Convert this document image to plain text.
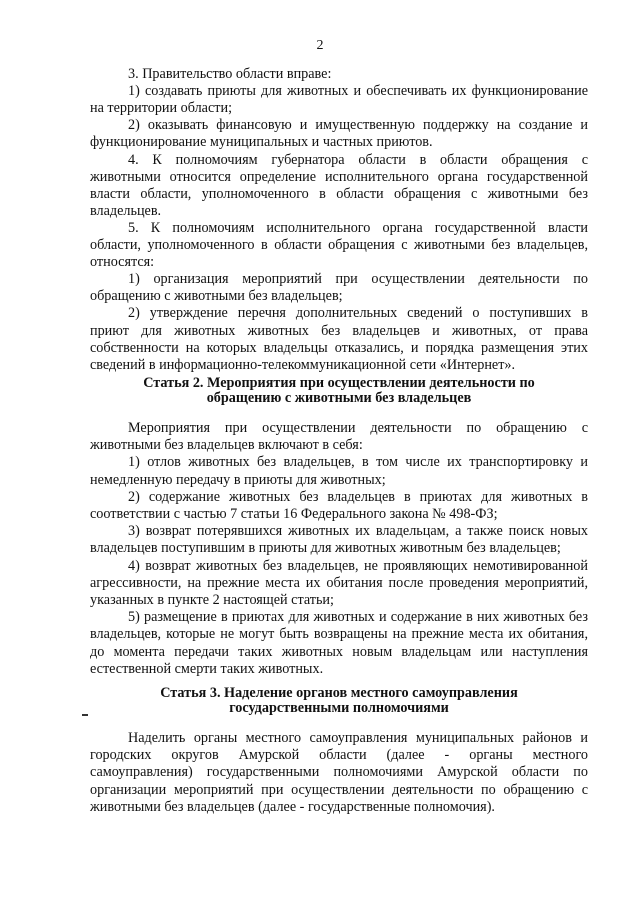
2
3. Правительство области вправе:
1) создавать приюты для животных и обеспечивать их функционирование
на территории области;
2) оказывать финансовую и имущественную поддержку на создание и
функционирование муниципальных и частных приютов.
4. К полномочиям губернатора области в области обращения с
животными относится определение исполнительного органа государственной
власти области, уполномоченного в области обращения с животными без
владельцев.
5. К полномочиям исполнительного органа государственной власти
области, уполномоченного в области обращения с животными без владельцев,
относятся:
1) организация мероприятий при осуществлении деятельности по
обращению с животными без владельцев;
2) утверждение перечня дополнительных сведений о поступивших в
приют для животных животных без владельцев и животных, от права
собственности на которых владельцы отказались, и порядка размещения этих
сведений в информационно-телекоммуникационной сети «Интернет».
Статья 2. Мероприятия при осуществлении деятельности по
обращению с животными без владельцев
Мероприятия при осуществлении деятельности по обращению с
животными без владельцев включают в себя:
1) отлов животных без владельцев, в том числе их транспортировку и
немедленную передачу в приюты для животных;
2) содержание животных без владельцев в приютах для животных в
соответствии с частью 7 статьи 16 Федерального закона № 498-ФЗ;
3) возврат потерявшихся животных их владельцам, а также поиск новых
владельцев поступившим в приюты для животных животным без владельцев;
4) возврат животных без владельцев, не проявляющих немотивированной
агрессивности, на прежние места их обитания после проведения мероприятий,
указанных в пункте 2 настоящей статьи;
5) размещение в приютах для животных и содержание в них животных без
владельцев, которые не могут быть возвращены на прежние места их обитания,
до момента передачи таких животных новым владельцам или наступления
естественной смерти таких животных.
Статья 3. Наделение органов местного самоуправления
государственными полномочиями
Наделить органы местного самоуправления муниципальных районов и
городских округов Амурской области (далее - органы местного
самоуправления) государственными полномочиями Амурской области по
организации мероприятий при осуществлении деятельности по обращению с
животными без владельцев (далее - государственные полномочия).
